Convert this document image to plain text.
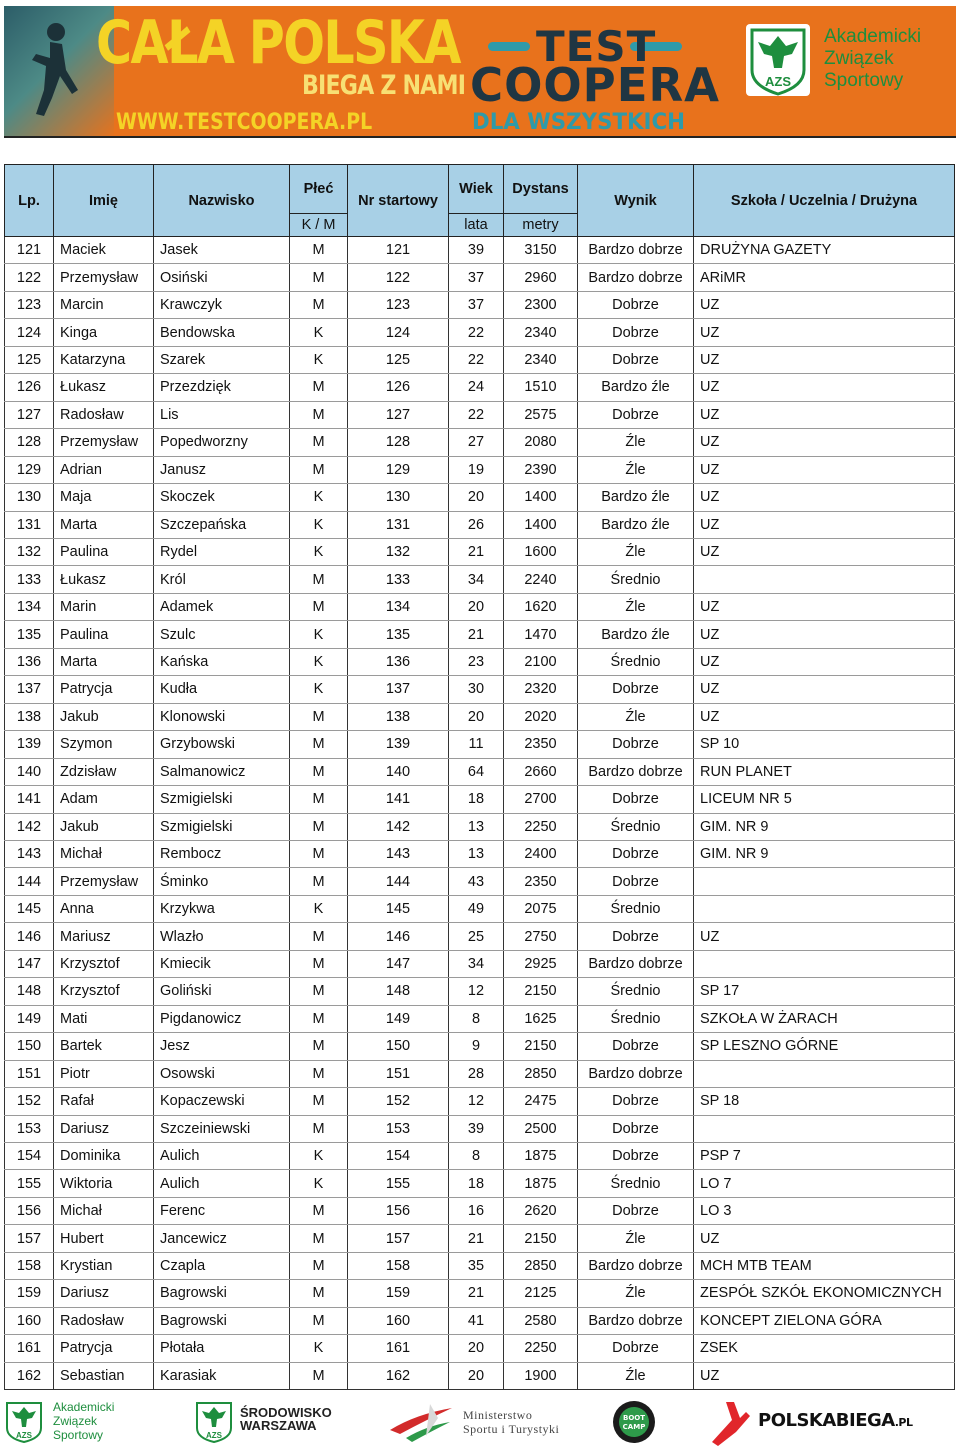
CAŁA POLSKA
BIEGA Z NAMI
WWW.TESTCOOPERA.PL
TEST
COOPERA
DLA WSZYSTKICH
AZS
Akademicki
Związek
Sportowy
Lp.	Imię	Nazwisko	Płeć	Nr startowy	Wiek	Dystans	Wynik	Szkoła / Uczelnia / Drużyna
			K / M		lata	metry		
121	Maciek	Jasek	M	121	39	3150	Bardzo dobrze	DRUŻYNA GAZETY
122	Przemysław	Osiński	M	122	37	2960	Bardzo dobrze	ARiMR
123	Marcin	Krawczyk	M	123	37	2300	Dobrze	UZ
124	Kinga	Bendowska	K	124	22	2340	Dobrze	UZ
125	Katarzyna	Szarek	K	125	22	2340	Dobrze	UZ
126	Łukasz	Przezdzięk	M	126	24	1510	Bardzo źle	UZ
127	Radosław	Lis	M	127	22	2575	Dobrze	UZ
128	Przemysław	Popedworzny	M	128	27	2080	Źle	UZ
129	Adrian	Janusz	M	129	19	2390	Źle	UZ
130	Maja	Skoczek	K	130	20	1400	Bardzo źle	UZ
131	Marta	Szczepańska	K	131	26	1400	Bardzo źle	UZ
132	Paulina	Rydel	K	132	21	1600	Źle	UZ
133	Łukasz	Król	M	133	34	2240	Średnio	
134	Marin	Adamek	M	134	20	1620	Źle	UZ
135	Paulina	Szulc	K	135	21	1470	Bardzo źle	UZ
136	Marta	Kańska	K	136	23	2100	Średnio	UZ
137	Patrycja	Kudła	K	137	30	2320	Dobrze	UZ
138	Jakub	Klonowski	M	138	20	2020	Źle	UZ
139	Szymon	Grzybowski	M	139	11	2350	Dobrze	SP 10
140	Zdzisław	Salmanowicz	M	140	64	2660	Bardzo dobrze	RUN PLANET
141	Adam	Szmigielski	M	141	18	2700	Dobrze	LICEUM NR 5
142	Jakub	Szmigielski	M	142	13	2250	Średnio	GIM. NR 9
143	Michał	Rembocz	M	143	13	2400	Dobrze	GIM. NR 9
144	Przemysław	Śminko	M	144	43	2350	Dobrze	
145	Anna	Krzykwa	K	145	49	2075	Średnio	
146	Mariusz	Wlazło	M	146	25	2750	Dobrze	UZ
147	Krzysztof	Kmiecik	M	147	34	2925	Bardzo dobrze	
148	Krzysztof	Goliński	M	148	12	2150	Średnio	SP 17
149	Mati	Pigdanowicz	M	149	8	1625	Średnio	SZKOŁA W ŻARACH
150	Bartek	Jesz	M	150	9	2150	Dobrze	SP LESZNO GÓRNE
151	Piotr	Osowski	M	151	28	2850	Bardzo dobrze	
152	Rafał	Kopaczewski	M	152	12	2475	Dobrze	SP 18
153	Dariusz	Szczeiniewski	M	153	39	2500	Dobrze	
154	Dominika	Aulich	K	154	8	1875	Dobrze	PSP 7
155	Wiktoria	Aulich	K	155	18	1875	Średnio	LO 7
156	Michał	Ferenc	M	156	16	2620	Dobrze	LO 3
157	Hubert	Jancewicz	M	157	21	2150	Źle	UZ
158	Krystian	Czapla	M	158	35	2850	Bardzo dobrze	MCH MTB TEAM
159	Dariusz	Bagrowski	M	159	21	2125	Źle	ZESPÓŁ SZKÓŁ EKONOMICZNYCH
160	Radosław	Bagrowski	M	160	41	2580	Bardzo dobrze	KONCEPT ZIELONA GÓRA
161	Patrycja	Płotała	K	161	20	2250	Dobrze	ZSEK
162	Sebastian	Karasiak	M	162	20	1900	Źle	UZ
AZS
Akademicki
Związek
Sportowy	AZS
ŚRODOWISKO
WARSZAWA
Ministerstwo
Sportu i Turystyki
BOOT
CAMP	POLSKABIEGA.PL
